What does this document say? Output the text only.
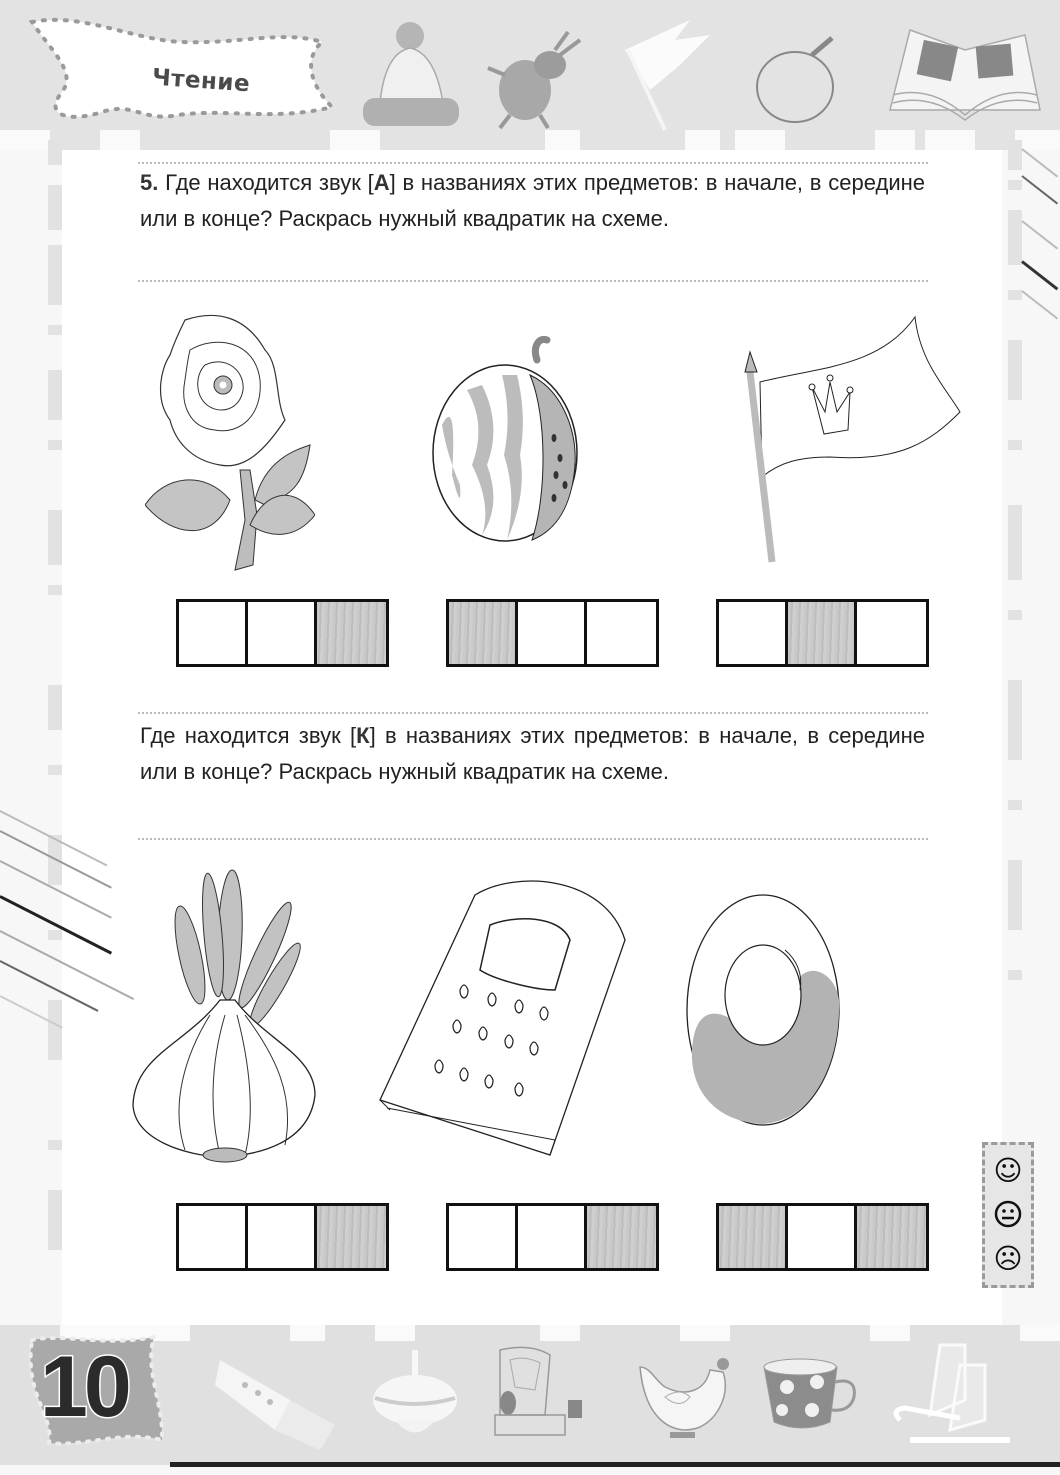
Чтение
5. Где находится звук [А] в названиях этих предметов: в начале, в середине или в конце? Раскрась нужный квадратик на схеме.
Где находится звук [К] в названиях этих предметов: в начале, в середине или в конце? Раскрась нужный квадратик на схеме.
☺
☹
10
